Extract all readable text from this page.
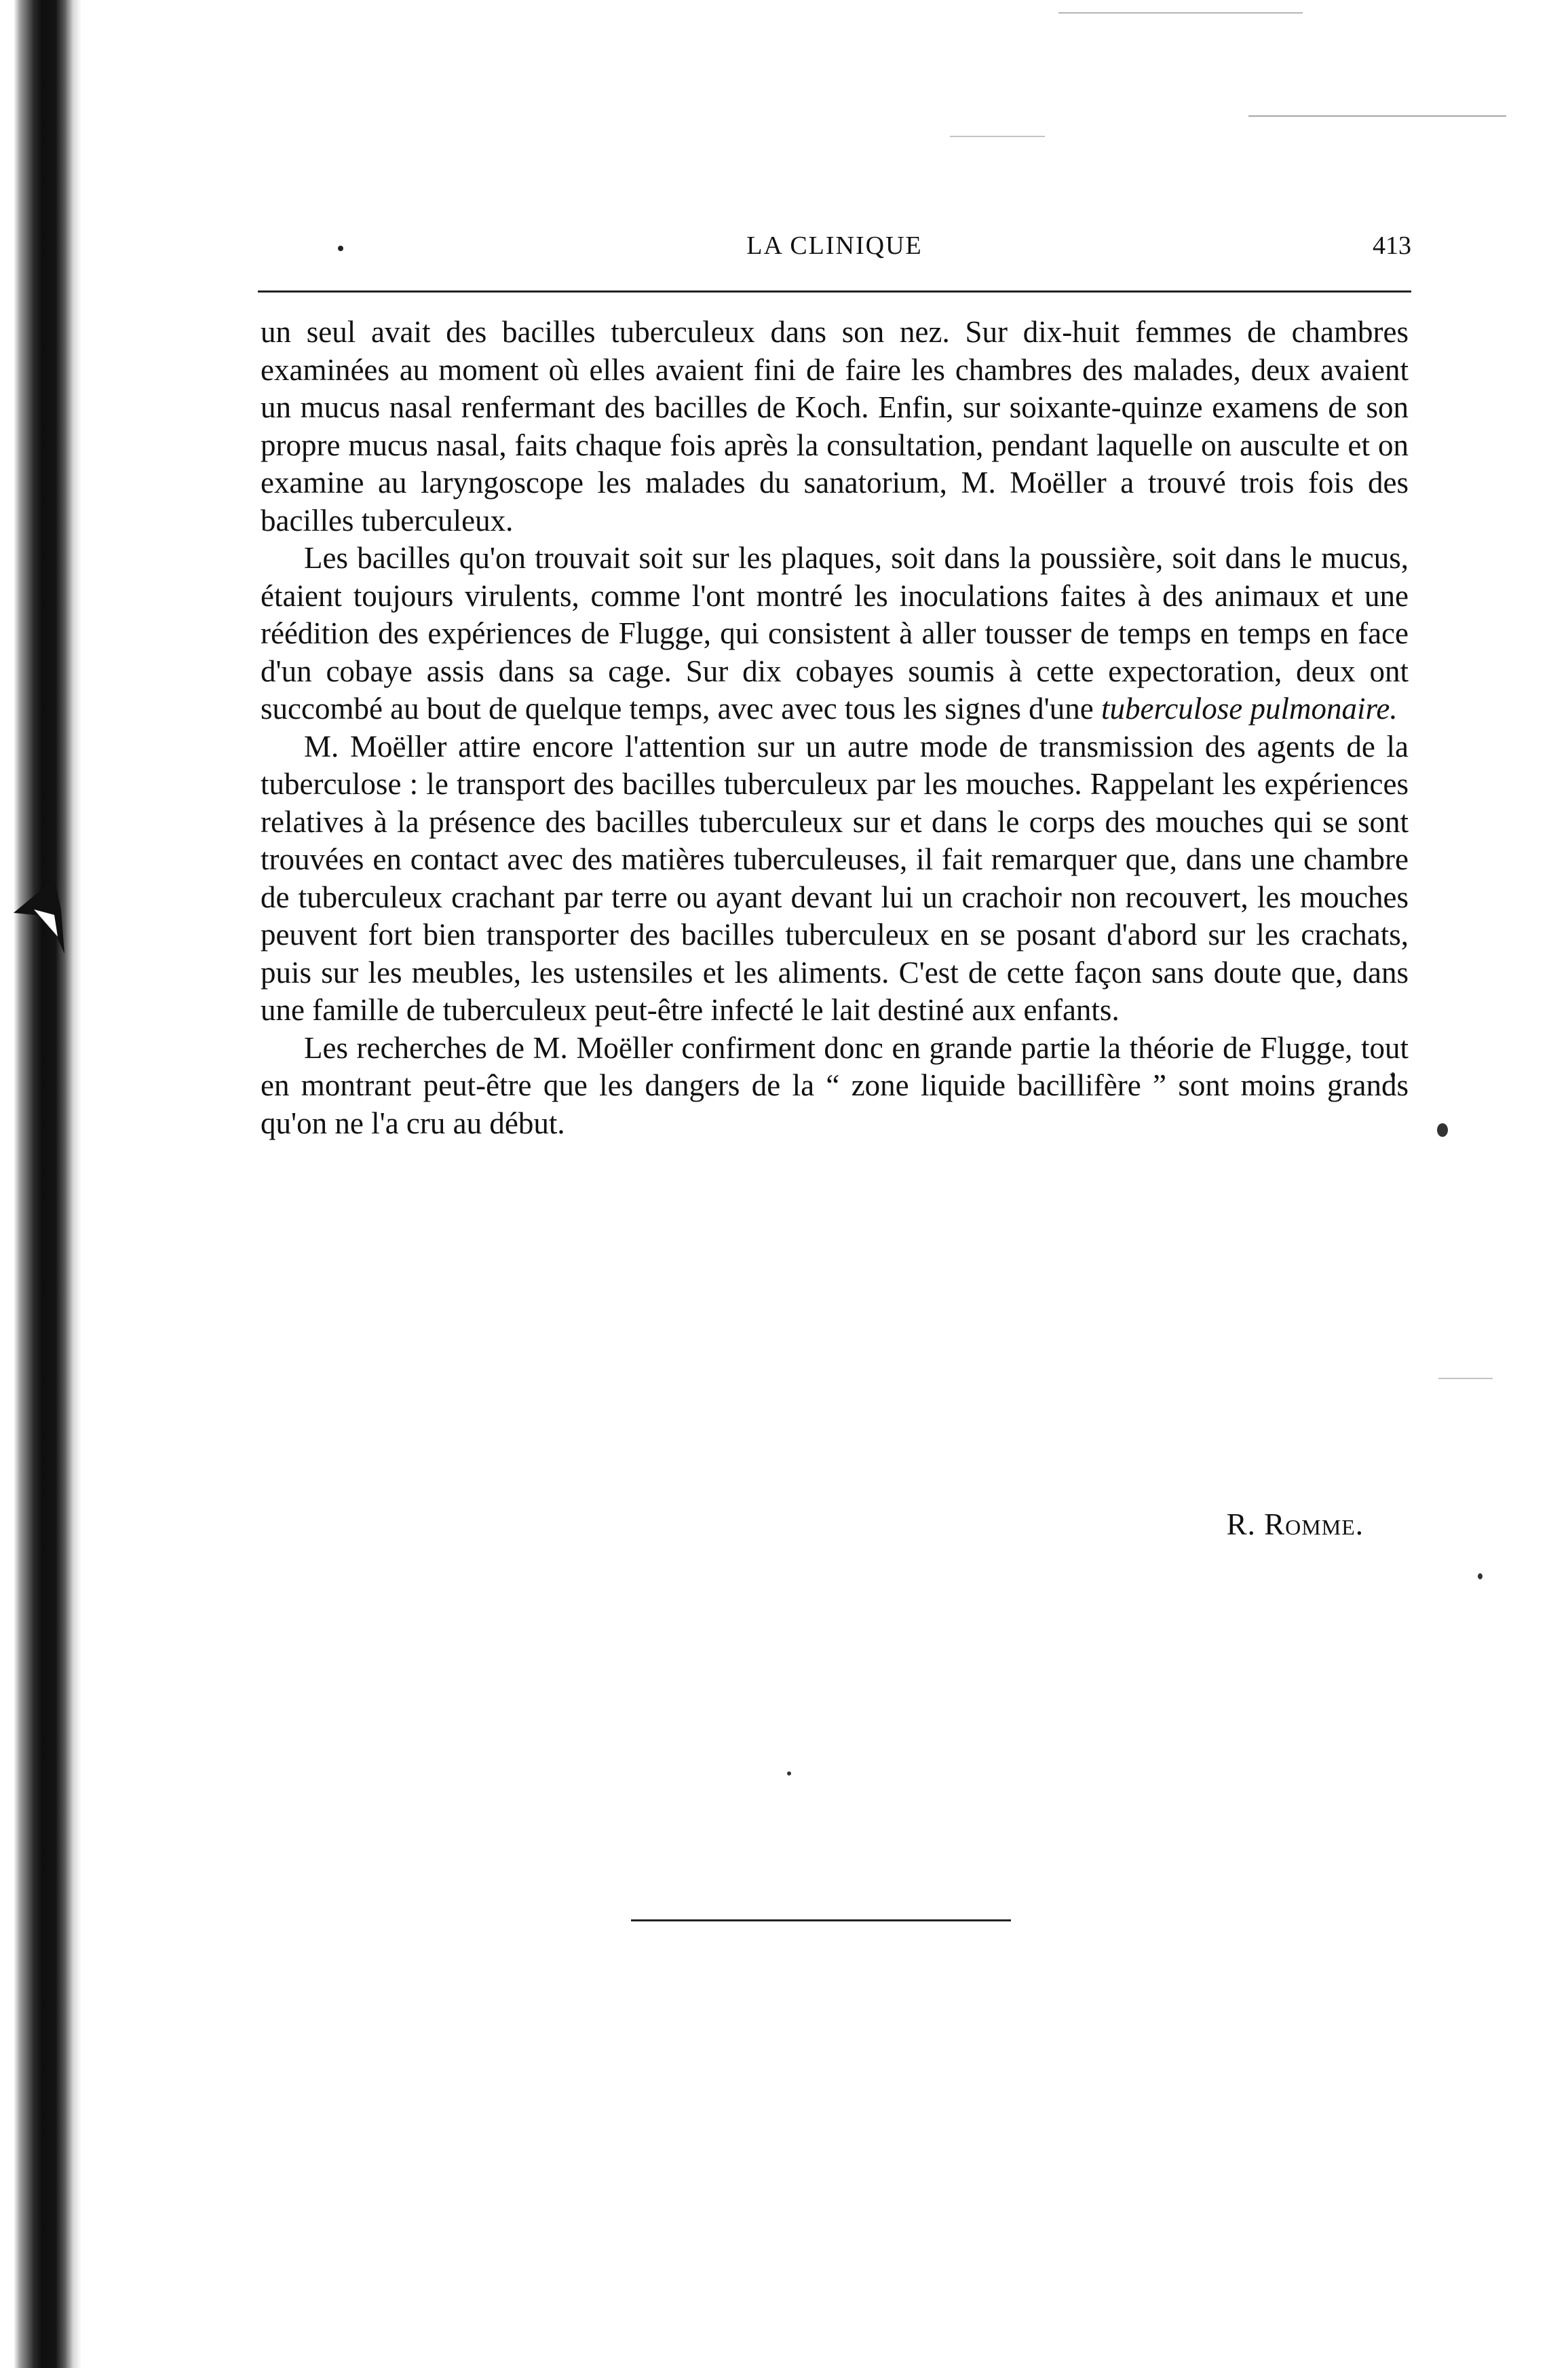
LA CLINIQUE	413

un seul avait des bacilles tuberculeux dans son nez. Sur dix-huit femmes de chambres examinées au moment où elles avaient fini de faire les chambres des malades, deux avaient un mucus nasal renfermant des bacilles de Koch. Enfin, sur soixante-quinze examens de son propre mucus nasal, faits chaque fois après la consultation, pendant laquelle on ausculte et on examine au laryngoscope les malades du sanatorium, M. Moëller a trouvé trois fois des bacilles tuberculeux.

Les bacilles qu'on trouvait soit sur les plaques, soit dans la poussière, soit dans le mucus, étaient toujours virulents, comme l'ont montré les inoculations faites à des animaux et une réédition des expériences de Flugge, qui consistent à aller tousser de temps en temps en face d'un cobaye assis dans sa cage. Sur dix cobayes soumis à cette expectoration, deux ont succombé au bout de quelque temps, avec avec tous les signes d'une tuberculose pulmonaire.

M. Moëller attire encore l'attention sur un autre mode de transmission des agents de la tuberculose : le transport des bacilles tuberculeux par les mouches. Rappelant les expériences relatives à la présence des bacilles tuberculeux sur et dans le corps des mouches qui se sont trouvées en contact avec des matières tuberculeuses, il fait remarquer que, dans une chambre de tuberculeux crachant par terre ou ayant devant lui un crachoir non recouvert, les mouches peuvent fort bien transporter des bacilles tuberculeux en se posant d'abord sur les crachats, puis sur les meubles, les ustensiles et les aliments. C'est de cette façon sans doute que, dans une famille de tuberculeux peut-être infecté le lait destiné aux enfants.

Les recherches de M. Moëller confirment donc en grande partie la théorie de Flugge, tout en montrant peut-être que les dangers de la “ zone liquide bacillifère ” sont moins grands qu'on ne l'a cru au début.

R. Romme.
